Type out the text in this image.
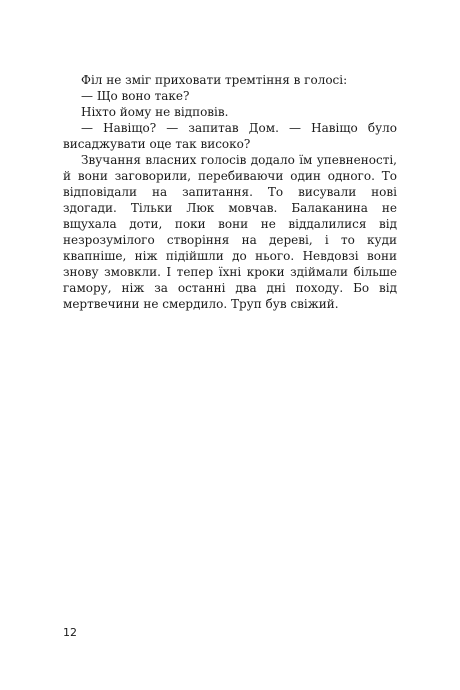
Філ не зміг приховати тремтіння в голосі:

— Що воно таке?

Ніхто йому не відповів.

— Навіщо? — запитав Дом. — Навіщо було висаджувати оце так високо?

Звучання власних голосів додало їм упевненості, й вони заговорили, перебиваючи один одного. То відповідали на запитання. То висували нові здогади. Тільки Люк мовчав. Балаканина не вщухала доти, поки вони не віддалилися від незрозумілого створіння на дереві, і то куди квапніше, ніж підійшли до нього. Невдовзі вони знову змовкли. І тепер їхні кроки здіймали більше гамору, ніж за останні два дні походу. Бо від мертвечини не смердило. Труп був свіжий.

12
